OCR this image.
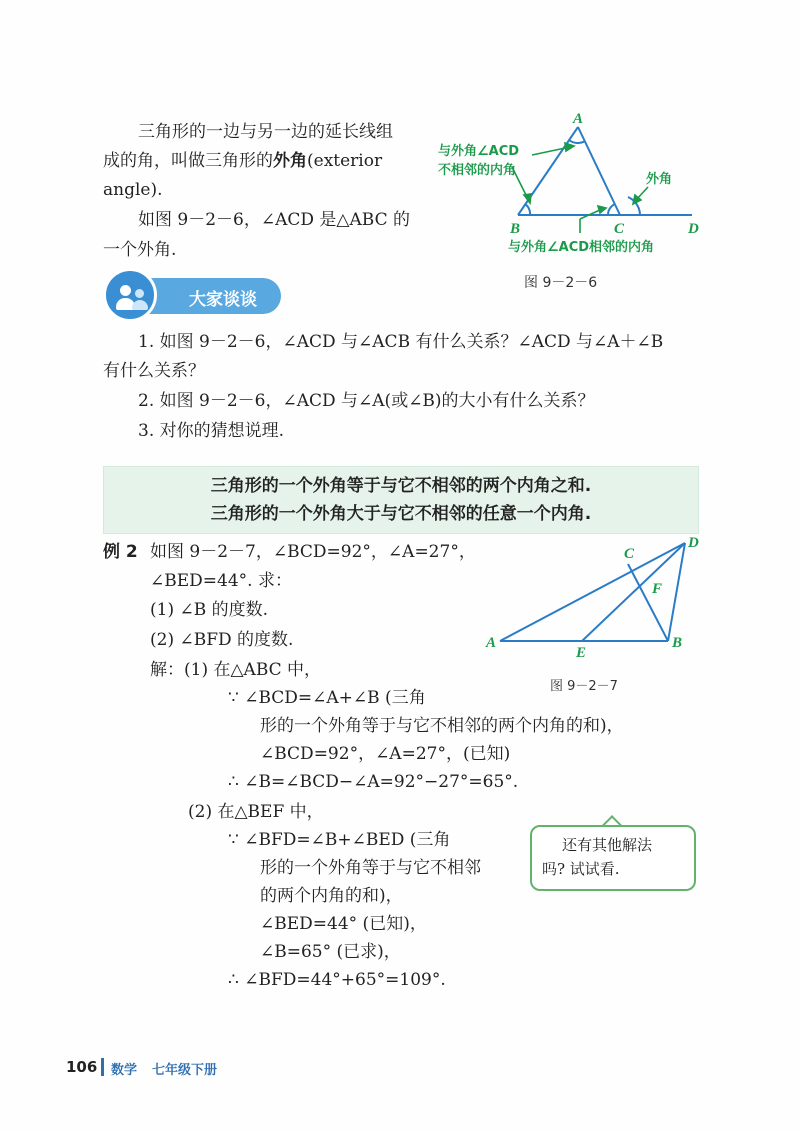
三角形的一边与另一边的延长线组
成的角，叫做三角形的外角(exterior
angle).
如图 9－2－6，∠ACD 是△ABC 的
一个外角.
A
B	C	D
与外角∠ACD
不相邻的内角
外角
与外角∠ACD相邻的内角
图 9－2－6
大家谈谈
1. 如图 9－2－6，∠ACD 与∠ACB 有什么关系？∠ACD 与∠A＋∠B
有什么关系？
2. 如图 9－2－6，∠ACD 与∠A(或∠B)的大小有什么关系？
3. 对你的猜想说理.
三角形的一个外角等于与它不相邻的两个内角之和.
三角形的一个外角大于与它不相邻的任意一个内角.
例 2 如图 9－2－7，∠BCD=92°，∠A=27°，
∠BED=44°. 求：
(1) ∠B 的度数.
(2) ∠BFD 的度数.
解：(1) 在△ABC 中，
∵ ∠BCD=∠A+∠B (三角
形的一个外角等于与它不相邻的两个内角的和)，
∠BCD=92°，∠A=27°，(已知)
∴ ∠B=∠BCD−∠A=92°−27°=65°.
(2) 在△BEF 中，
∵ ∠BFD=∠B+∠BED (三角
形的一个外角等于与它不相邻
的两个内角的和)，
∠BED=44° (已知)，
∠B=65° (已求)，
∴ ∠BFD=44°+65°=109°.
A	B
C
D
E
F
图 9－2－7
还有其他解法
吗? 试试看.
106 数学 七年级下册
